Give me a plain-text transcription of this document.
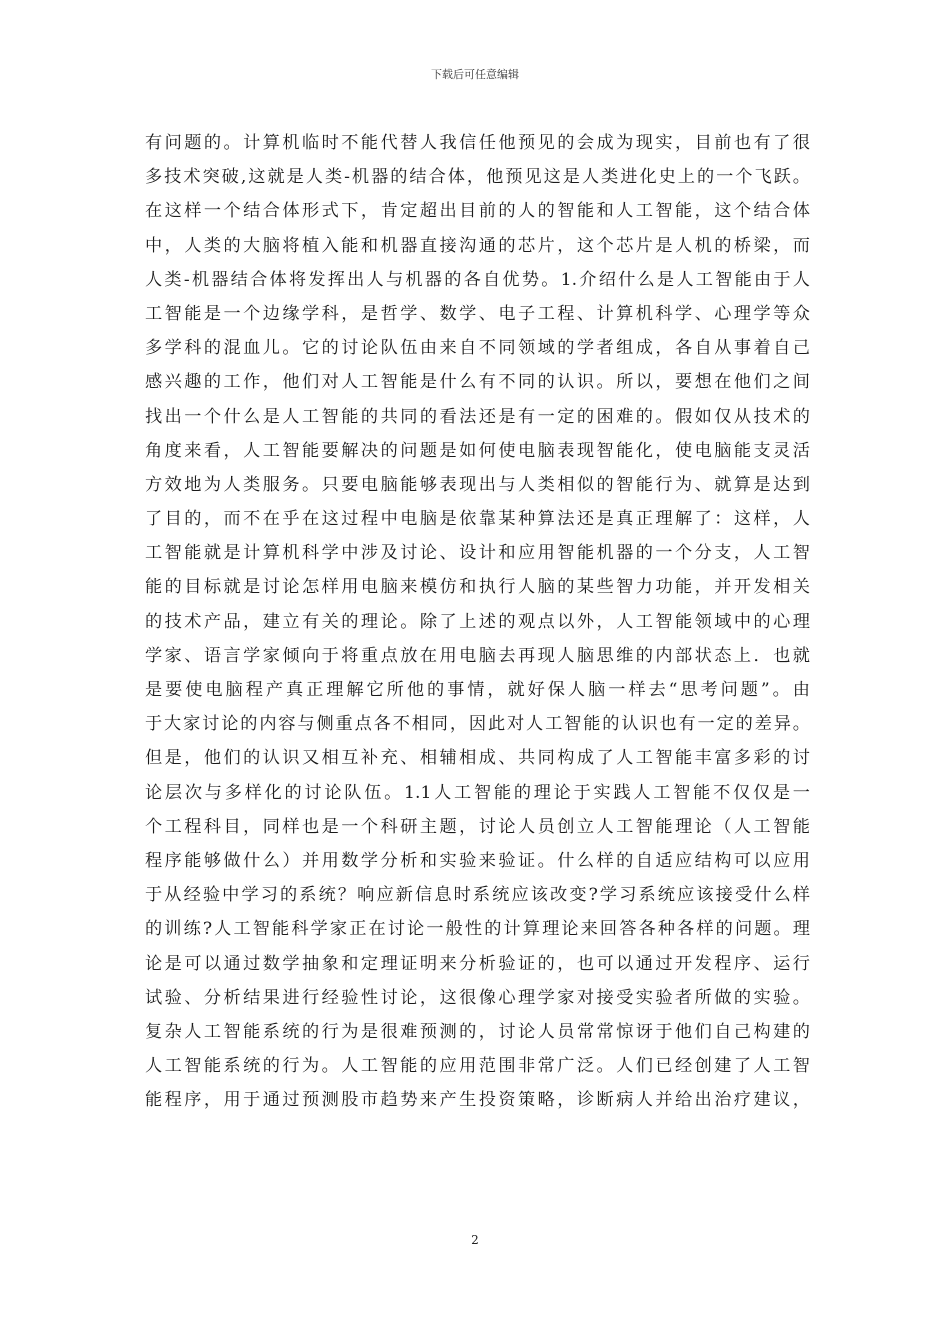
下载后可任意编辑
有问题的。计算机临时不能代替人我信任他预见的会成为现实，目前也有了很
多技术突破,这就是人类-机器的结合体，他预见这是人类进化史上的一个飞跃。
在这样一个结合体形式下，肯定超出目前的人的智能和人工智能，这个结合体
中，人类的大脑将植入能和机器直接沟通的芯片，这个芯片是人机的桥梁，而
人类-机器结合体将发挥出人与机器的各自优势。1.介绍什么是人工智能由于人
工智能是一个边缘学科，是哲学、数学、电子工程、计算机科学、心理学等众
多学科的混血儿。它的讨论队伍由来自不同领域的学者组成，各自从事着自己
感兴趣的工作，他们对人工智能是什么有不同的认识。所以，要想在他们之间
找出一个什么是人工智能的共同的看法还是有一定的困难的。假如仅从技术的
角度来看，人工智能要解决的问题是如何使电脑表现智能化，使电脑能支灵活
方效地为人类服务。只要电脑能够表现出与人类相似的智能行为、就算是达到
了目的，而不在乎在这过程中电脑是依靠某种算法还是真正理解了：这样，人
工智能就是计算机科学中涉及讨论、设计和应用智能机器的一个分支，人工智
能的目标就是讨论怎样用电脑来模仿和执行人脑的某些智力功能，并开发相关
的技术产品，建立有关的理论。除了上述的观点以外，人工智能领域中的心理
学家、语言学家倾向于将重点放在用电脑去再现人脑思维的内部状态上．也就
是要使电脑程产真正理解它所他的事情，就好保人脑一样去“思考问题”。由
于大家讨论的内容与侧重点各不相同，因此对人工智能的认识也有一定的差异。
但是，他们的认识又相互补充、相辅相成、共同构成了人工智能丰富多彩的讨
论层次与多样化的讨论队伍。1.1人工智能的理论于实践人工智能不仅仅是一
个工程科目，同样也是一个科研主题，讨论人员创立人工智能理论（人工智能
程序能够做什么）并用数学分析和实验来验证。什么样的自适应结构可以应用
于从经验中学习的系统？响应新信息时系统应该改变?学习系统应该接受什么样
的训练?人工智能科学家正在讨论一般性的计算理论来回答各种各样的问题。理
论是可以通过数学抽象和定理证明来分析验证的，也可以通过开发程序、运行
试验、分析结果进行经验性讨论，这很像心理学家对接受实验者所做的实验。
复杂人工智能系统的行为是很难预测的，讨论人员常常惊讶于他们自己构建的
人工智能系统的行为。人工智能的应用范围非常广泛。人们已经创建了人工智
能程序，用于通过预测股市趋势来产生投资策略，诊断病人并给出治疗建议，
2
